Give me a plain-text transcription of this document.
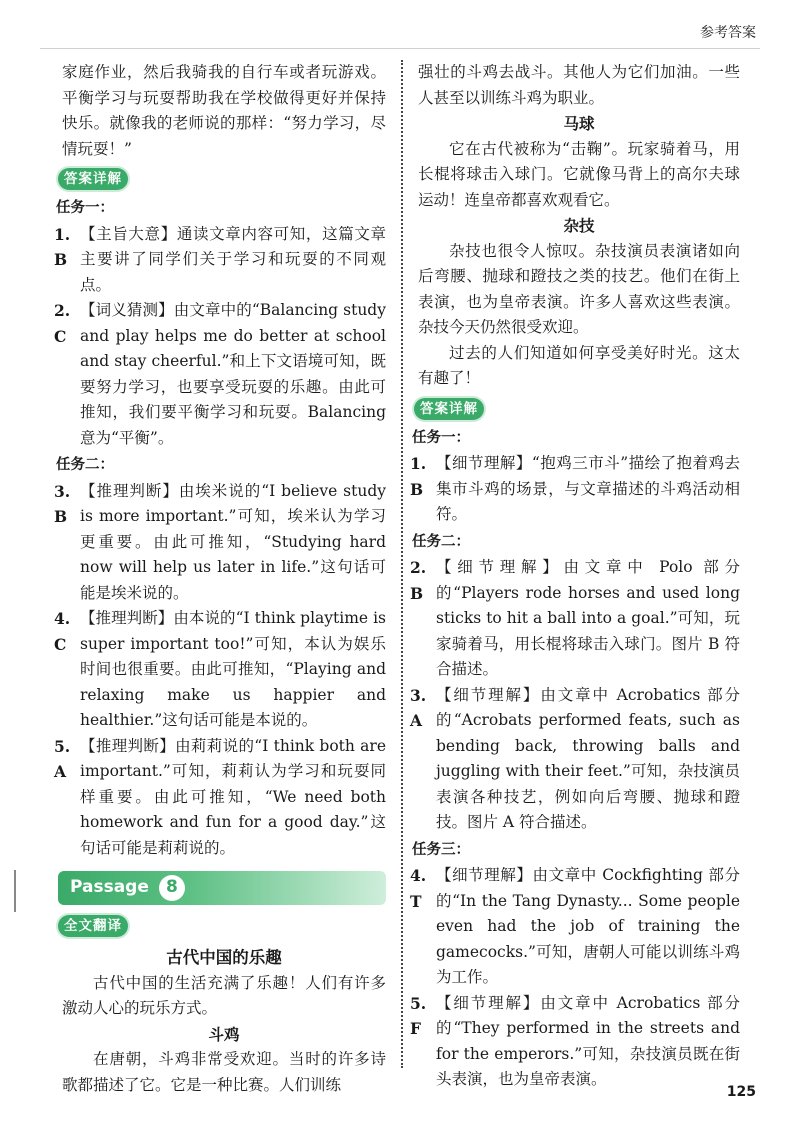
参考答案

家庭作业，然后我骑我的自行车或者玩游戏。平衡学习与玩耍帮助我在学校做得更好并保持快乐。就像我的老师说的那样：“努力学习，尽情玩耍！”

答案详解

任务一：

1. B
【主旨大意】通读文章内容可知，这篇文章主要讲了同学们关于学习和玩耍的不同观点。
2. C
【词义猜测】由文章中的“Balancing study and play helps me do better at school and stay cheerful.”和上下文语境可知，既要努力学习，也要享受玩耍的乐趣。由此可推知，我们要平衡学习和玩耍。Balancing 意为“平衡”。

任务二：

3. B
【推理判断】由埃米说的“I believe study is more important.”可知，埃米认为学习更重要。由此可推知，“Studying hard now will help us later in life.”这句话可能是埃米说的。
4. C
【推理判断】由本说的“I think playtime is super important too!”可知，本认为娱乐时间也很重要。由此可推知，“Playing and relaxing make us happier and healthier.”这句话可能是本说的。
5. A
【推理判断】由莉莉说的“I think both are important.”可知，莉莉认为学习和玩耍同样重要。由此可推知，“We need both homework and fun for a good day.”这句话可能是莉莉说的。
Passage	8
全文翻译

古代中国的乐趣

古代中国的生活充满了乐趣！人们有许多激动人心的玩乐方式。

斗鸡

在唐朝，斗鸡非常受欢迎。当时的许多诗歌都描述了它。它是一种比赛。人们训练

强壮的斗鸡去战斗。其他人为它们加油。一些人甚至以训练斗鸡为职业。

马球

它在古代被称为“击鞠”。玩家骑着马，用长棍将球击入球门。它就像马背上的高尔夫球运动！连皇帝都喜欢观看它。

杂技

杂技也很令人惊叹。杂技演员表演诸如向后弯腰、抛球和蹬技之类的技艺。他们在街上表演，也为皇帝表演。许多人喜欢这些表演。杂技今天仍然很受欢迎。

过去的人们知道如何享受美好时光。这太有趣了！

答案详解

任务一：

1. B
【细节理解】“抱鸡三市斗”描绘了抱着鸡去集市斗鸡的场景，与文章描述的斗鸡活动相符。

任务二：

2. B
【细节理解】由文章中 Polo 部分的“Players rode horses and used long sticks to hit a ball into a goal.”可知，玩家骑着马，用长棍将球击入球门。图片 B 符合描述。
3. A
【细节理解】由文章中 Acrobatics 部分的“Acrobats performed feats, such as bending back, throwing balls and juggling with their feet.”可知，杂技演员表演各种技艺，例如向后弯腰、抛球和蹬技。图片 A 符合描述。

任务三：

4. T
【细节理解】由文章中 Cockfighting 部分的“In the Tang Dynasty... Some people even had the job of training the gamecocks.”可知，唐朝人可能以训练斗鸡为工作。
5. F
【细节理解】由文章中 Acrobatics 部分的“They performed in the streets and for the emperors.”可知，杂技演员既在街头表演，也为皇帝表演。
125
